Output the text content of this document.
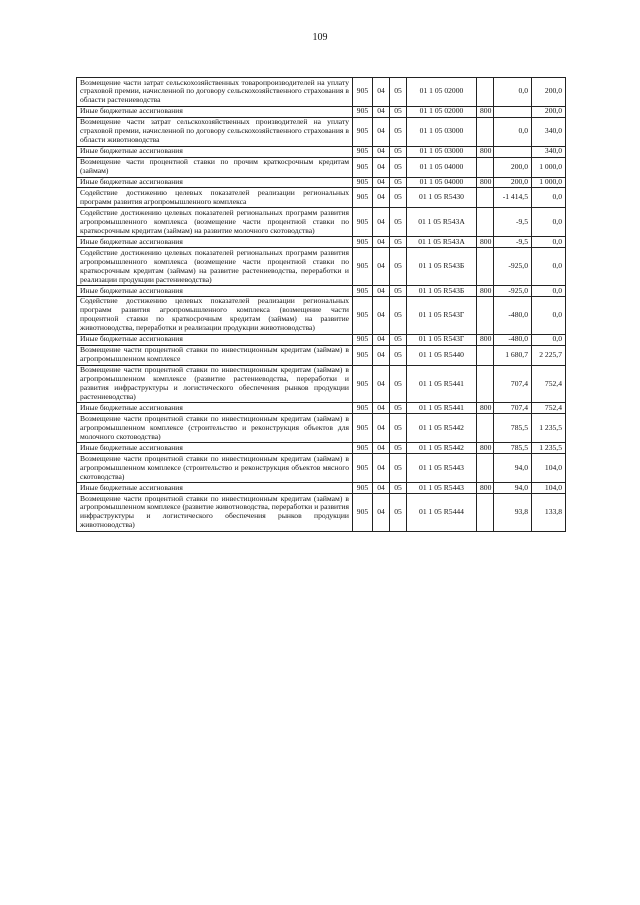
109
Возмещение части затрат сельскохозяйственных товаропроизводителей на уплату страховой премии, начисленной по договору сельскохозяйственного страхования в области растениеводства	905	04	05	01 1 05 02000		0,0	200,0
Иные бюджетные ассигнования	905	04	05	01 1 05 02000	800		200,0
Возмещение части затрат сельскохозяйственных производителей на уплату страховой премии, начисленной по договору сельскохозяйственного страхования в области животноводства	905	04	05	01 1 05 03000		0,0	340,0
Иные бюджетные ассигнования	905	04	05	01 1 05 03000	800		340,0
Возмещение части процентной ставки по прочим краткосрочным кредитам (займам)	905	04	05	01 1 05 04000		200,0	1 000,0
Иные бюджетные ассигнования	905	04	05	01 1 05 04000	800	200,0	1 000,0
Содействие достижению целевых показателей реализации региональных программ развития агропромышленного комплекса	905	04	05	01 1 05 R5430		-1 414,5	0,0
Содействие достижению целевых показателей региональных программ развития агропромышленного комплекса (возмещение части процентной ставки по краткосрочным кредитам (займам) на развитие молочного скотоводства)	905	04	05	01 1 05 R543А		-9,5	0,0
Иные бюджетные ассигнования	905	04	05	01 1 05 R543А	800	-9,5	0,0
Содействие достижению целевых показателей региональных программ развития агропромышленного комплекса (возмещение части процентной ставки по краткосрочным кредитам (займам) на развитие растениеводства, переработки и реализации продукции растениеводства)	905	04	05	01 1 05 R543Б		-925,0	0,0
Иные бюджетные ассигнования	905	04	05	01 1 05 R543Б	800	-925,0	0,0
Содействие достижению целевых показателей реализации региональных программ развития агропромышленного комплекса (возмещение части процентной ставки по краткосрочным кредитам (займам) на развитие животноводства, переработки и реализации продукции животноводства)	905	04	05	01 1 05 R543Г		-480,0	0,0
Иные бюджетные ассигнования	905	04	05	01 1 05 R543Г	800	-480,0	0,0
Возмещение части процентной ставки по инвестиционным кредитам (займам) в агропромышленном комплексе	905	04	05	01 1 05 R5440		1 680,7	2 225,7
Возмещение части процентной ставки по инвестиционным кредитам (займам) в агропромышленном комплексе (развитие растениеводства, переработки и развития инфраструктуры и логистического обеспечения рынков продукции растениеводства)	905	04	05	01 1 05 R5441		707,4	752,4
Иные бюджетные ассигнования	905	04	05	01 1 05 R5441	800	707,4	752,4
Возмещение части процентной ставки по инвестиционным кредитам (займам) в агропромышленном комплексе (строительство и реконструкция объектов для молочного скотоводства)	905	04	05	01 1 05 R5442		785,5	1 235,5
Иные бюджетные ассигнования	905	04	05	01 1 05 R5442	800	785,5	1 235,5
Возмещение части процентной ставки по инвестиционным кредитам (займам) в агропромышленном комплексе (строительство и реконструкция объектов мясного скотоводства)	905	04	05	01 1 05 R5443		94,0	104,0
Иные бюджетные ассигнования	905	04	05	01 1 05 R5443	800	94,0	104,0
Возмещение части процентной ставки по инвестиционным кредитам (займам) в агропромышленном комплексе (развитие животноводства, переработки и развития инфраструктуры и логистического обеспечения рынков продукции животноводства)	905	04	05	01 1 05 R5444		93,8	133,8
